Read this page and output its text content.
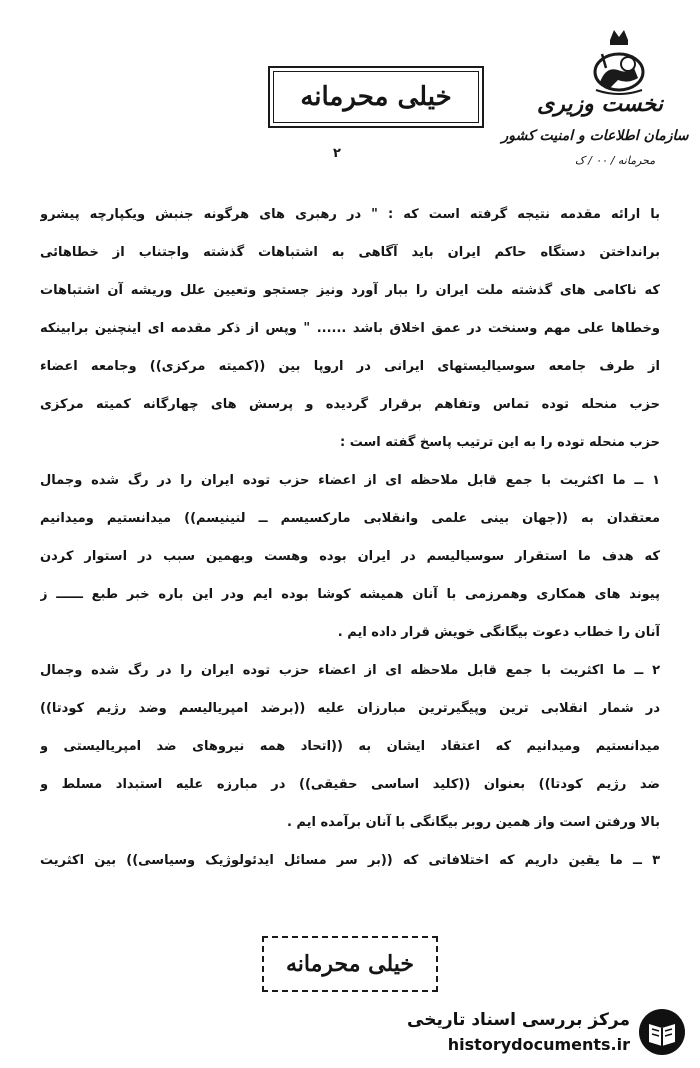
خیلی محرمانه	نخست وزیری
سازمان اطلاعات و امنیت کشور
محرمانه / ۰۰ / ک
۲
با ارائه مقدمه نتیجه گرفته است که : " در رهبری های هرگونه جنبش ویکپارچه پیشرو
برانداختن دستگاه حاکم ایران باید آگاهی به اشتباهات گذشته واجتناب از خطاهائی
که ناکامی های گذشته ملت ایران را ببار آورد ونیز جستجو وتعیین علل وریشه آن اشتباهات
وخطاها علی مهم وسنخت در عمق اخلاق باشد ...... " وپس از ذکر مقدمه ای اینچنین برابینکه
از طرف جامعه سوسیالیستهای ایرانی در اروپا بین ((کمیته مرکزی)) وجامعه اعضاء
حزب منحله توده تماس وتفاهم برقرار گردیده و پرسش های چهارگانه کمیته مرکزی
حزب منحله توده را به این ترتیب پاسخ گفته است :
۱ ــ ما اکثریت با جمع قابل ملاحظه ای از اعضاء حزب توده ایران را در رگ شده وجمال
معتقدان به ((جهان بینی علمی وانقلابی مارکسیسم ــ لنینیسم)) میدانستیم ومیدانیم
که هدف ما استقرار سوسیالیسم در ایران بوده وهست وبهمین سبب در استوار کردن
پیوند های همکاری وهمرزمی با آنان همیشه کوشا بوده ایم ودر این باره خبر طبع ــــــ ز
آنان را خطاب دعوت بیگانگی خویش قرار داده ایم .
۲ ــ ما اکثریت با جمع قابل ملاحظه ای از اعضاء حزب توده ایران را در رگ شده وجمال
در شمار انقلابی ترین وپیگیرترین مبارزان علیه ((برضد امپریالیسم وضد رژیم کودتا))
میدانستیم ومیدانیم که اعتقاد ایشان به ((اتحاد همه نیروهای ضد امپریالیستی و
ضد رژیم کودتا)) بعنوان ((کلید اساسی حقیقی)) در مبارزه علیه استبداد مسلط و
بالا ورفتن است واز همین روبر بیگانگی با آنان برآمده ایم .
۳ ــ ما یقین داریم که اختلافاتی که ((بر سر مسائل ایدئولوژیک وسیاسی)) بین اکثریت
خیلی محرمانه
مرکز بررسی اسناد تاریخی
historydocuments.ir
